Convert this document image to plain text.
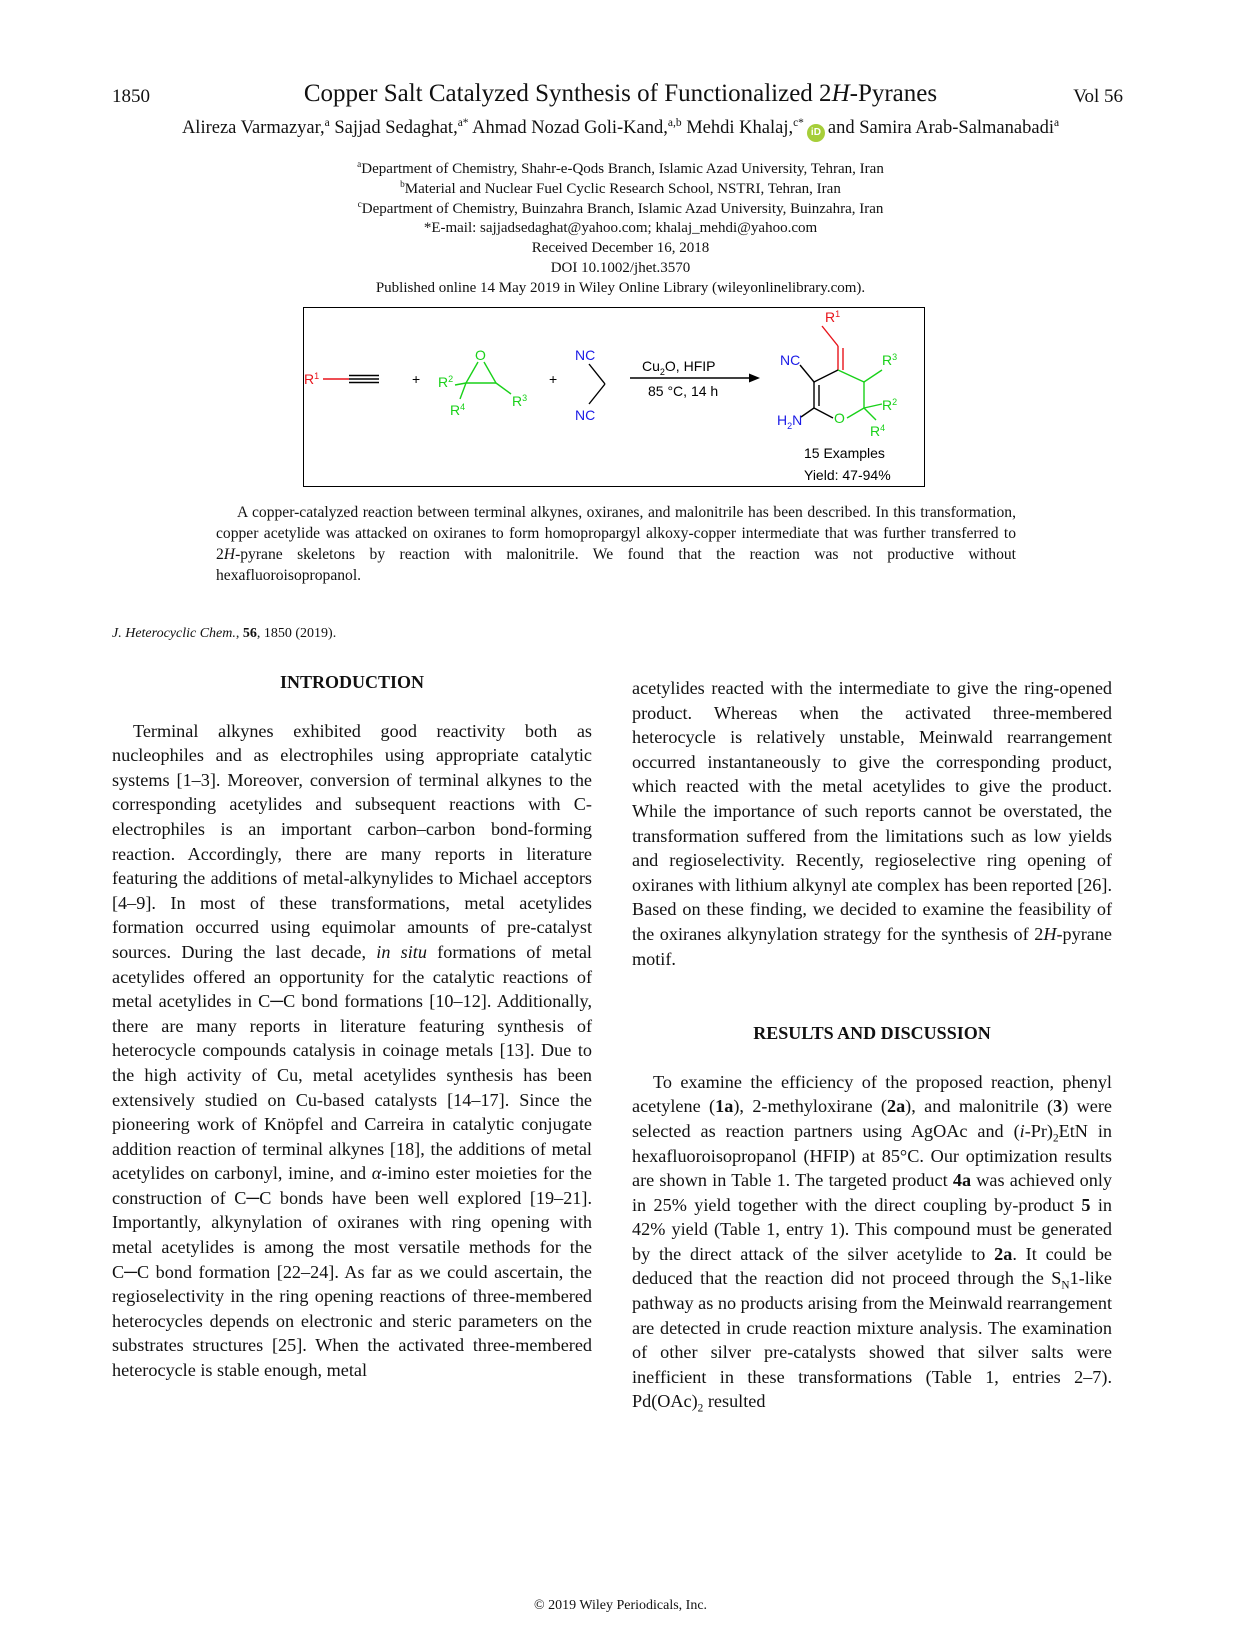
1850	Copper Salt Catalyzed Synthesis of Functionalized 2H-Pyranes	Vol 56
Alireza Varmazyar,$^a$ Sajjad Sedaghat,$^{a*}$ Ahmad Nozad Goli-Kand,$^{a,b}$ Mehdi Khalaj,$^{c*}$iD and Samira Arab-Salmanabadi$^a$
$^a$Department of Chemistry, Shahr-e-Qods Branch, Islamic Azad University, Tehran, Iran
$^b$Material and Nuclear Fuel Cyclic Research School, NSTRI, Tehran, Iran
$^c$Department of Chemistry, Buinzahra Branch, Islamic Azad University, Buinzahra, Iran
*E-mail: sajjadsedaghat@yahoo.com; khalaj_mehdi@yahoo.com
Received December 16, 2018
DOI 10.1002/jhet.3570
Published online 14 May 2019 in Wiley Online Library (wileyonlinelibrary.com).
$R^1$	+ $R^2$
O
$R^3$
$R^4$
+
NC
NC
$Cu_2O$, HFIP
85 °C, 14 h
$R^1$
O
$R^3$
$R^2$
$R^4$
NC
$H_2N$
15 Examples
Yield: 47-94%

A copper-catalyzed reaction between terminal alkynes, oxiranes, and malonitrile has been described. In this transformation, copper acetylide was attacked on oxiranes to form homopropargyl alkoxy-copper intermediate that was further transferred to 2H-pyrane skeletons by reaction with malonitrile. We found that the reaction was not productive without hexafluoroisopropanol.

J. Heterocyclic Chem., 56, 1850 (2019).

INTRODUCTION

Terminal alkynes exhibited good reactivity both as nucleophiles and as electrophiles using appropriate catalytic systems [1–3]. Moreover, conversion of terminal alkynes to the corresponding acetylides and subsequent reactions with C-electrophiles is an important carbon–carbon bond-forming reaction. Accordingly, there are many reports in literature featuring the additions of metal-alkynylides to Michael acceptors [4–9]. In most of these transformations, metal acetylides formation occurred using equimolar amounts of pre-catalyst sources. During the last decade, in situ formations of metal acetylides offered an opportunity for the catalytic reactions of metal acetylides in C─C bond formations [10–12]. Additionally, there are many reports in literature featuring synthesis of heterocycle compounds catalysis in coinage metals [13]. Due to the high activity of Cu, metal acetylides synthesis has been extensively studied on Cu-based catalysts [14–17]. Since the pioneering work of Knöpfel and Carreira in catalytic conjugate addition reaction of terminal alkynes [18], the additions of metal acetylides on carbonyl, imine, and α-imino ester moieties for the construction of C─C bonds have been well explored [19–21]. Importantly, alkynylation of oxiranes with ring opening with metal acetylides is among the most versatile methods for the C─C bond formation [22–24]. As far as we could ascertain, the regioselectivity in the ring opening reactions of three-membered heterocycles depends on electronic and steric parameters on the substrates structures [25]. When the activated three-membered heterocycle is stable enough, metal

acetylides reacted with the intermediate to give the ring-opened product. Whereas when the activated three-membered heterocycle is relatively unstable, Meinwald rearrangement occurred instantaneously to give the corresponding product, which reacted with the metal acetylides to give the product. While the importance of such reports cannot be overstated, the transformation suffered from the limitations such as low yields and regioselectivity. Recently, regioselective ring opening of oxiranes with lithium alkynyl ate complex has been reported [26]. Based on these finding, we decided to examine the feasibility of the oxiranes alkynylation strategy for the synthesis of 2H-pyrane motif.

RESULTS AND DISCUSSION

To examine the efficiency of the proposed reaction, phenyl acetylene (1a), 2-methyloxirane (2a), and malonitrile (3) were selected as reaction partners using AgOAc and $(i-Pr)_2EtN$ in hexafluoroisopropanol (HFIP) at 85°C. Our optimization results are shown in Table 1. The targeted product 4a was achieved only in 25% yield together with the direct coupling by-product 5 in 42% yield (Table 1, entry 1). This compound must be generated by the direct attack of the silver acetylide to 2a. It could be deduced that the reaction did not proceed through the $S_N1$-like pathway as no products arising from the Meinwald rearrangement are detected in crude reaction mixture analysis. The examination of other silver pre-catalysts showed that silver salts were inefficient in these transformations (Table 1, entries 2–7). $Pd(OAc)_2$ resulted

© 2019 Wiley Periodicals, Inc.
